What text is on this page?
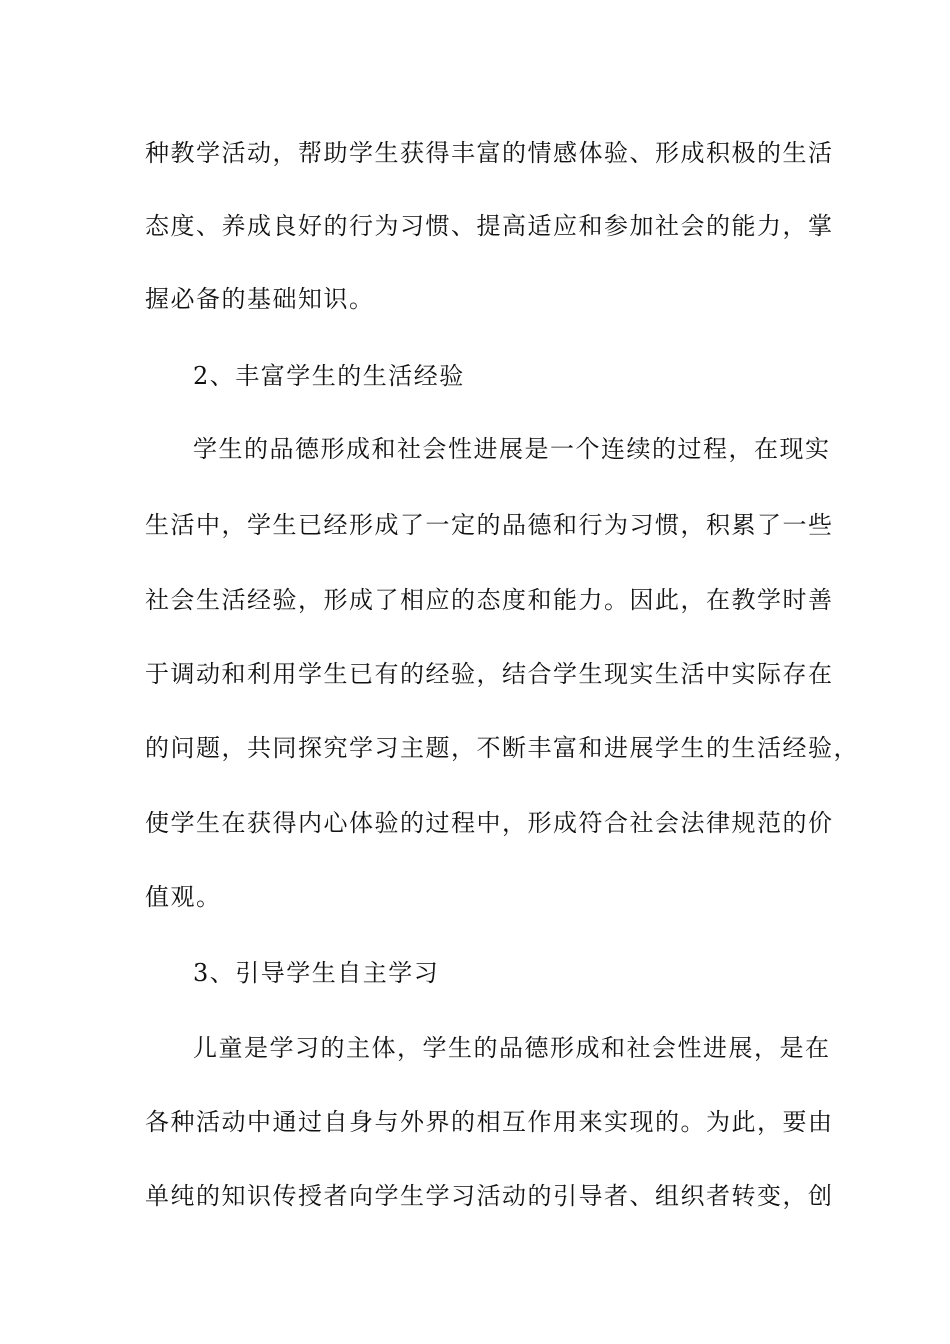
种教学活动，帮助学生获得丰富的情感体验、形成积极的生活
态度、养成良好的行为习惯、提高适应和参加社会的能力，掌
握必备的基础知识。
2、丰富学生的生活经验
学生的品德形成和社会性进展是一个连续的过程，在现实
生活中，学生已经形成了一定的品德和行为习惯，积累了一些
社会生活经验，形成了相应的态度和能力。因此，在教学时善
于调动和利用学生已有的经验，结合学生现实生活中实际存在
的问题，共同探究学习主题，不断丰富和进展学生的生活经验，
使学生在获得内心体验的过程中，形成符合社会法律规范的价
值观。
3、引导学生自主学习
儿童是学习的主体，学生的品德形成和社会性进展，是在
各种活动中通过自身与外界的相互作用来实现的。为此，要由
单纯的知识传授者向学生学习活动的引导者、组织者转变，创
